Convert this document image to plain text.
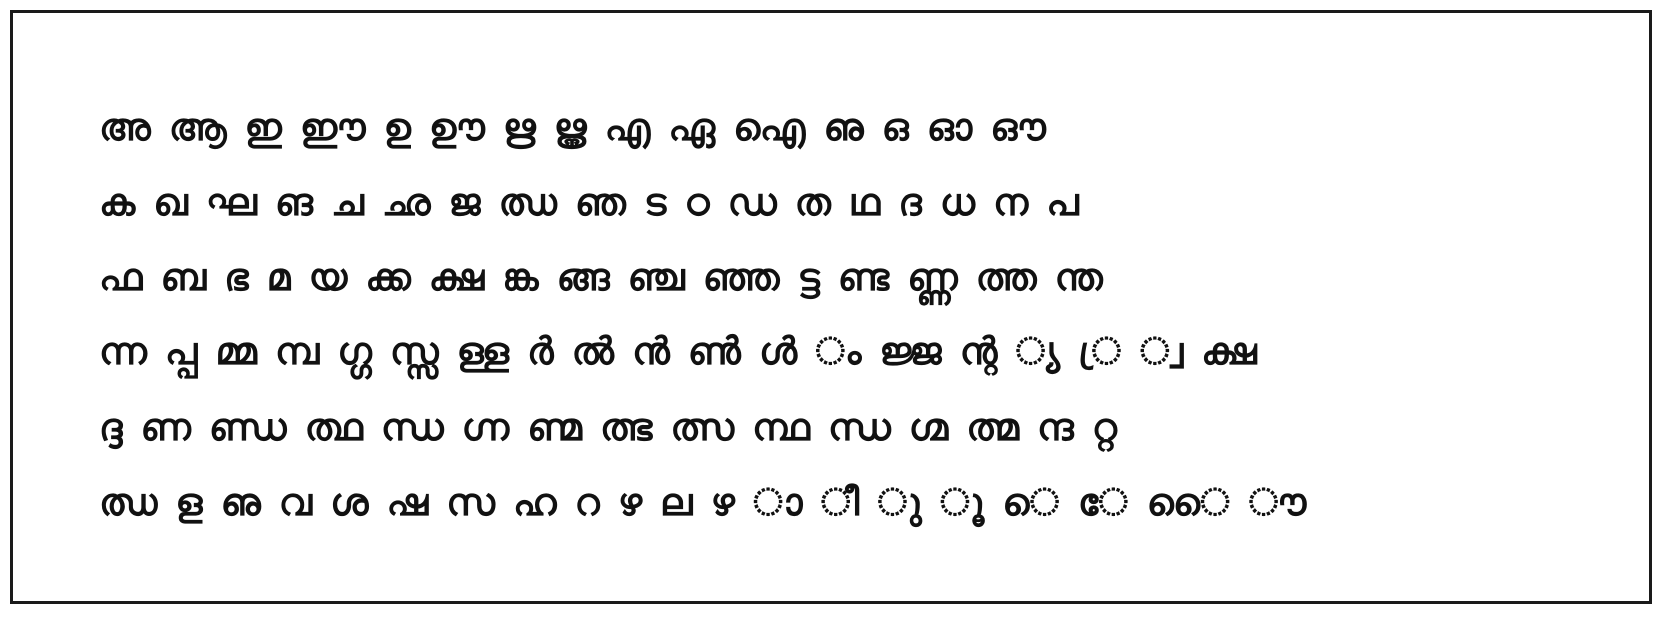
അ ആ ഇ ഈ ഉ ഊ ഋ ൠ എ ഏ ഐ ഌ ഒ ഓ ഔ
ക ഖ ഘ ങ ച ഛ ജ ഝ ഞ ട ഠ ഡ ത ഥ ദ ധ ന പ
ഫ ബ ഭ മ യ ക്ക ക്ഷ ങ്ക ങ്ങ ഞ്ച ഞ്ഞ ട്ട ണ്ട ണ്ണ ത്ത ന്ത
ന്ന പ്പ മ്മ മ്പ ഗ്ഗ സ്സ ള്ള ർ ൽ ൻ ൺ ൾ ം ജ്ജ ന്റ ്യ ്ര ്വ ക്ഷ
ദ്ദ ണ ണ്ഡ ത്ഥ ന്ധ ഗ്ന ണ്മ ത്ഭ ത്സ ന്ഥ ന്ധ ഗ്മ ത്മ ന്ദ റ്റ
ഝ ള ഌ വ ശ ഷ സ ഹ റ ഴ ല ഴ ാ ീ ു ൂ െ േ ൈ ൗ
